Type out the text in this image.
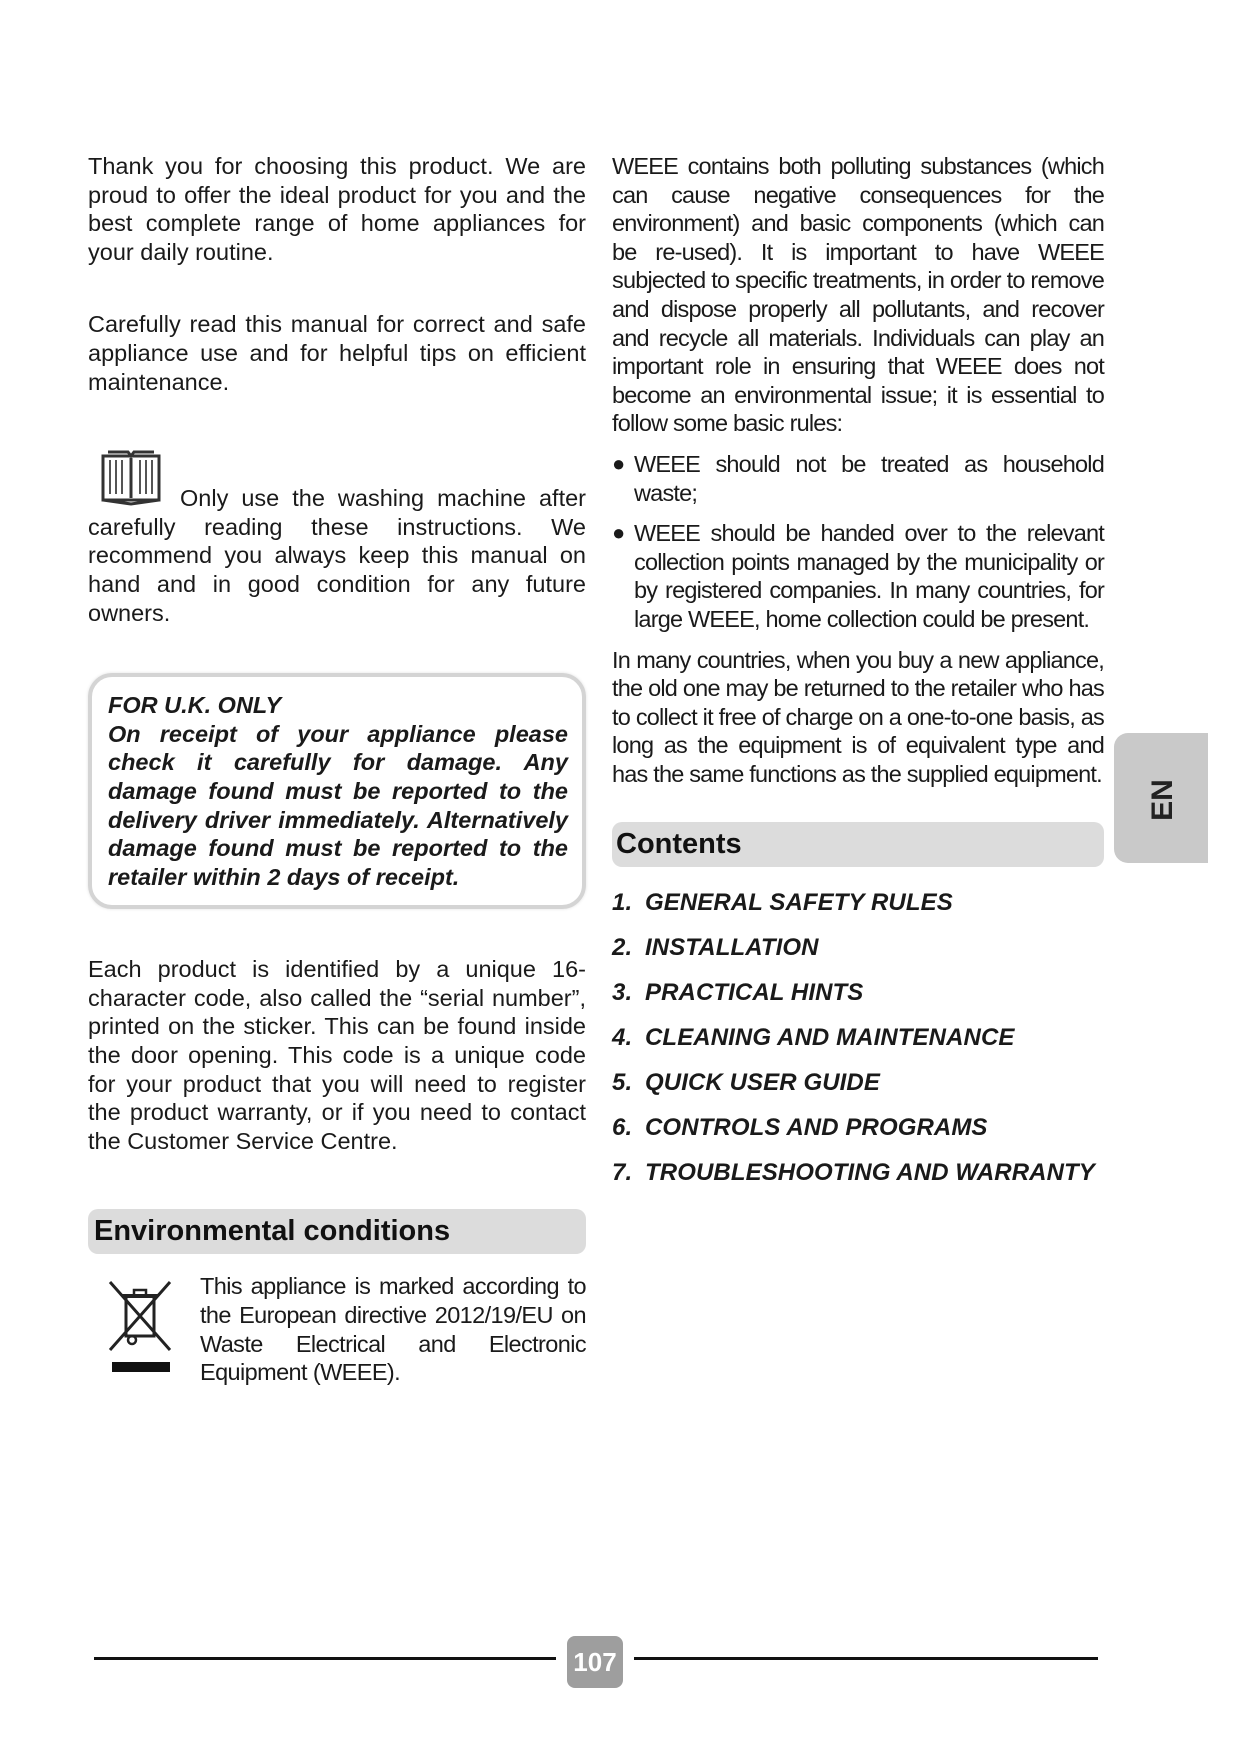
Thank you for choosing this product. We are proud to offer the ideal product for you and the best complete range of home appliances for your daily routine.

Carefully read this manual for correct and safe appliance use and for helpful tips on efficient maintenance.

Only use the washing machine after carefully reading these instructions. We recommend you always keep this manual on hand and in good condition for any future owners.

FOR U.K. ONLY

On receipt of your appliance please check it carefully for damage. Any damage found must be reported to the delivery driver immediately. Alternatively damage found must be reported to the retailer within 2 days of receipt.

Each product is identified by a unique 16-character code, also called the “serial number”, printed on the sticker. This can be found inside the door opening. This code is a unique code for your product that you will need to register the product warranty, or if you need to contact the Customer Service Centre.

Environmental conditions

This appliance is marked according to the European directive 2012/19/EU on Waste Electrical and Electronic Equipment (WEEE).

WEEE contains both polluting substances (which can cause negative consequences for the environment) and basic components (which can be re-used). It is important to have WEEE subjected to specific treatments, in order to remove and dispose properly all pollutants, and recover and recycle all materials. Individuals can play an important role in ensuring that WEEE does not become an environmental issue; it is essential to follow some basic rules:

● WEEE should not be treated as household waste;

● WEEE should be handed over to the relevant collection points managed by the municipality or by registered companies. In many countries, for large WEEE, home collection could be present.

In many countries, when you buy a new appliance, the old one may be returned to the retailer who has to collect it free of charge on a one-to-one basis, as long as the equipment is of equivalent type and has the same functions as the supplied equipment.

Contents
1. GENERAL SAFETY RULES
2. INSTALLATION
3. PRACTICAL HINTS
4. CLEANING AND MAINTENANCE
5. QUICK USER GUIDE
6. CONTROLS AND PROGRAMS
7. TROUBLESHOOTING AND WARRANTY
EN
107
